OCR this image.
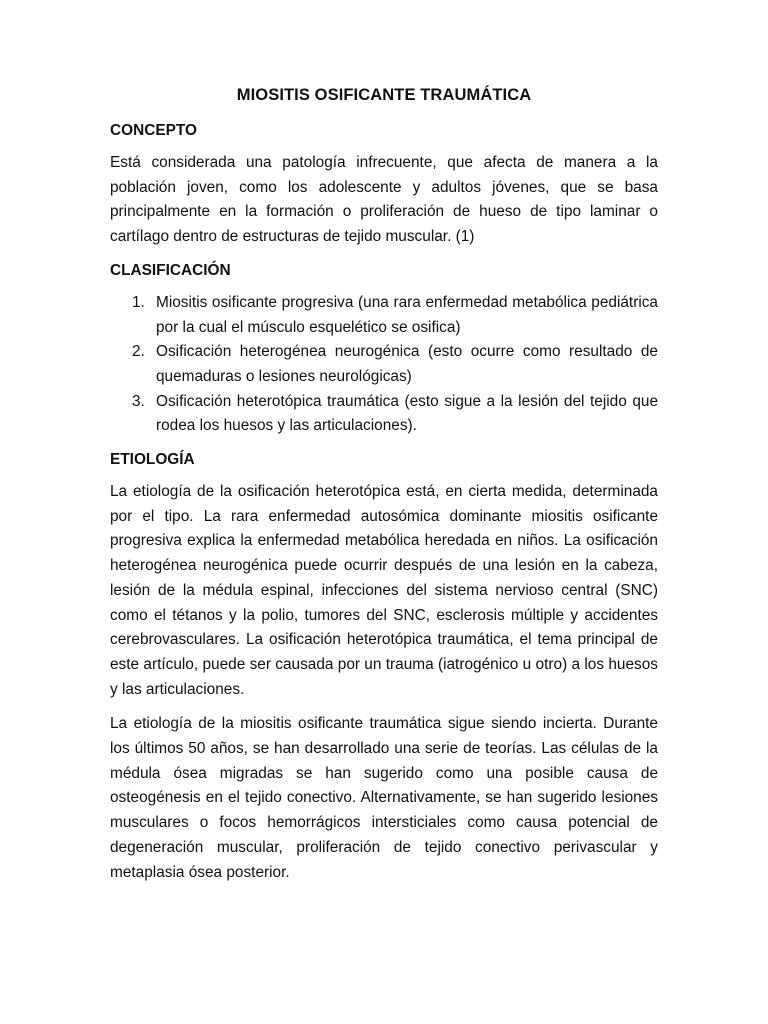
MIOSITIS OSIFICANTE TRAUMÁTICA
CONCEPTO

Está considerada una patología infrecuente, que afecta de manera a la población joven, como los adolescente y adultos jóvenes, que se basa principalmente en la formación o proliferación de hueso de tipo laminar o cartílago dentro de estructuras de tejido muscular. (1)

CLASIFICACIÓN
1. Miositis osificante progresiva (una rara enfermedad metabólica pediátrica por la cual el músculo esquelético se osifica)
2. Osificación heterogénea neurogénica (esto ocurre como resultado de quemaduras o lesiones neurológicas)
3. Osificación heterotópica traumática (esto sigue a la lesión del tejido que rodea los huesos y las articulaciones).
ETIOLOGÍA

La etiología de la osificación heterotópica está, en cierta medida, determinada por el tipo. La rara enfermedad autosómica dominante miositis osificante progresiva explica la enfermedad metabólica heredada en niños. La osificación heterogénea neurogénica puede ocurrir después de una lesión en la cabeza, lesión de la médula espinal, infecciones del sistema nervioso central (SNC) como el tétanos y la polio, tumores del SNC, esclerosis múltiple y accidentes cerebrovasculares. La osificación heterotópica traumática, el tema principal de este artículo, puede ser causada por un trauma (iatrogénico u otro) a los huesos y las articulaciones.

La etiología de la miositis osificante traumática sigue siendo incierta. Durante los últimos 50 años, se han desarrollado una serie de teorías. Las células de la médula ósea migradas se han sugerido como una posible causa de osteogénesis en el tejido conectivo. Alternativamente, se han sugerido lesiones musculares o focos hemorrágicos intersticiales como causa potencial de degeneración muscular, proliferación de tejido conectivo perivascular y metaplasia ósea posterior.
